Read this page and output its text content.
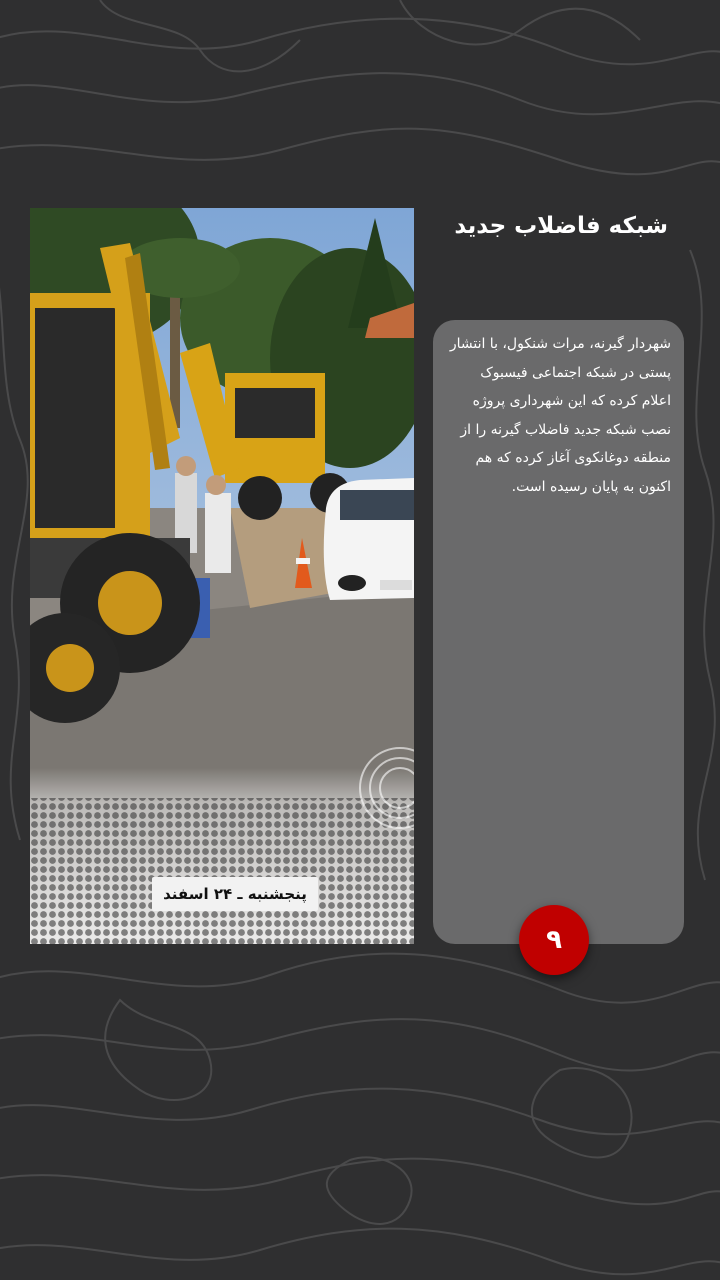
پنجشنبه ـ ۲۴ اسفند
شبکه فاضلاب جدید
شهردار گیرنه، مرات شنکول، با انتشار پستی در شبکه اجتماعی فیسبوک اعلام کرده که این شهرداری پروژه نصب شبکه جدید فاضلاب گیرنه را از منطقه دوغانکوی آغاز کرده که هم اکنون به پایان رسیده است.
۹
